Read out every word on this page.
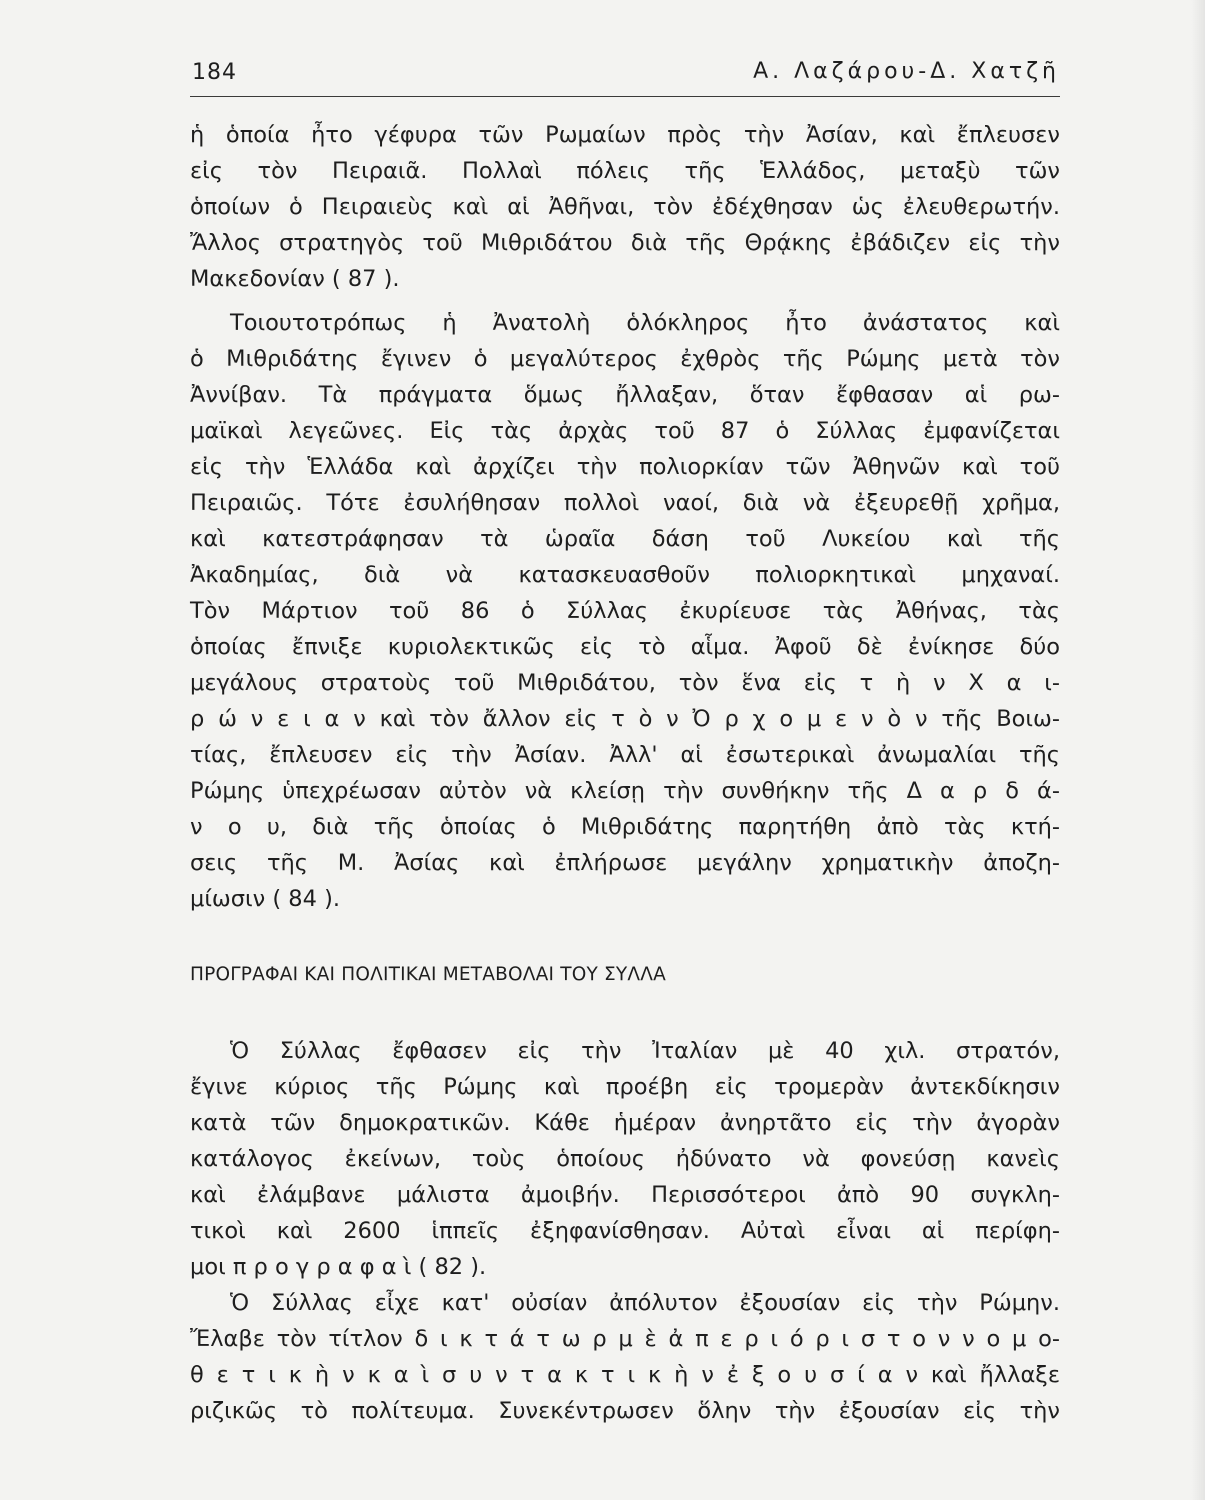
184	Α. Λαζάρου-Δ. Χατζῆ
ἡ ὁποία ἦτο γέφυρα τῶν Ρωμαίων πρὸς τὴν Ἀσίαν, καὶ ἔπλευσεν
εἰς τὸν Πειραιᾶ. Πολλαὶ πόλεις τῆς Ἑλλάδος, μεταξὺ τῶν
ὁποίων ὁ Πειραιεὺς καὶ αἱ Ἀθῆναι, τὸν ἐδέχθησαν ὡς ἐλευθερωτήν.
Ἄλλος στρατηγὸς τοῦ Μιθριδάτου διὰ τῆς Θρᾴκης ἐβάδιζεν εἰς τὴν
Μακεδονίαν ( 87 ).
Τοιουτοτρόπως ἡ Ἀνατολὴ ὁλόκληρος ἦτο ἀνάστατος καὶ
ὁ Μιθριδάτης ἔγινεν ὁ μεγαλύτερος ἐχθρὸς τῆς Ρώμης μετὰ τὸν
Ἀννίβαν. Τὰ πράγματα ὅμως ἤλλαξαν, ὅταν ἔφθασαν αἱ ρω-
μαϊκαὶ λεγεῶνες. Εἰς τὰς ἀρχὰς τοῦ 87 ὁ Σύλλας ἐμφανίζεται
εἰς τὴν Ἑλλάδα καὶ ἀρχίζει τὴν πολιορκίαν τῶν Ἀθηνῶν καὶ τοῦ
Πειραιῶς. Τότε ἐσυλήθησαν πολλοὶ ναοί, διὰ νὰ ἐξευρεθῇ χρῆμα,
καὶ κατεστράφησαν τὰ ὡραῖα δάση τοῦ Λυκείου καὶ τῆς
Ἀκαδημίας, διὰ νὰ κατασκευασθοῦν πολιορκητικαὶ μηχαναί.
Τὸν Μάρτιον τοῦ 86 ὁ Σύλλας ἐκυρίευσε τὰς Ἀθήνας, τὰς
ὁποίας ἔπνιξε κυριολεκτικῶς εἰς τὸ αἷμα. Ἀφοῦ δὲ ἐνίκησε δύο
μεγάλους στρατοὺς τοῦ Μιθριδάτου, τὸν ἕνα εἰς τ ὴ ν Χ α ι-
ρ ώ ν ε ι α ν καὶ τὸν ἄλλον εἰς τ ὸ ν Ὀ ρ χ ο μ ε ν ὸ ν τῆς Βοιω-
τίας, ἔπλευσεν εἰς τὴν Ἀσίαν. Ἀλλ' αἱ ἐσωτερικαὶ ἀνωμαλίαι τῆς
Ρώμης ὑπεχρέωσαν αὐτὸν νὰ κλείσῃ τὴν συνθήκην τῆς Δ α ρ δ ά-
ν ο υ, διὰ τῆς ὁποίας ὁ Μιθριδάτης παρητήθη ἀπὸ τὰς κτή-
σεις τῆς Μ. Ἀσίας καὶ ἐπλήρωσε μεγάλην χρηματικὴν ἀποζη-
μίωσιν ( 84 ).
ΠΡΟΓΡΑΦΑΙ ΚΑΙ ΠΟΛΙΤΙΚΑΙ ΜΕΤΑΒΟΛΑΙ ΤΟΥ ΣΥΛΛΑ
Ὁ Σύλλας ἔφθασεν εἰς τὴν Ἰταλίαν μὲ 40 χιλ. στρατόν,
ἔγινε κύριος τῆς Ρώμης καὶ προέβη εἰς τρομερὰν ἀντεκδίκησιν
κατὰ τῶν δημοκρατικῶν. Κάθε ἡμέραν ἀνηρτᾶτο εἰς τὴν ἀγορὰν
κατάλογος ἐκείνων, τοὺς ὁποίους ἠδύνατο νὰ φονεύσῃ κανεὶς
καὶ ἐλάμβανε μάλιστα ἀμοιβήν. Περισσότεροι ἀπὸ 90 συγκλη-
τικοὶ καὶ 2600 ἱππεῖς ἐξηφανίσθησαν. Αὐταὶ εἶναι αἱ περίφη-
μοι π ρ ο γ ρ α φ α ὶ ( 82 ).
Ὁ Σύλλας εἶχε κατ' οὐσίαν ἀπόλυτον ἐξουσίαν εἰς τὴν Ρώμην.
Ἔλαβε τὸν τίτλον δ ι κ τ ά τ ω ρ μ ὲ ἀ π ε ρ ι ό ρ ι σ τ ο ν ν ο μ ο-
θ ε τ ι κ ὴ ν κ α ὶ σ υ ν τ α κ τ ι κ ὴ ν ἐ ξ ο υ σ ί α ν καὶ ἤλλαξε
ριζικῶς τὸ πολίτευμα. Συνεκέντρωσεν ὅλην τὴν ἐξουσίαν εἰς τὴν
